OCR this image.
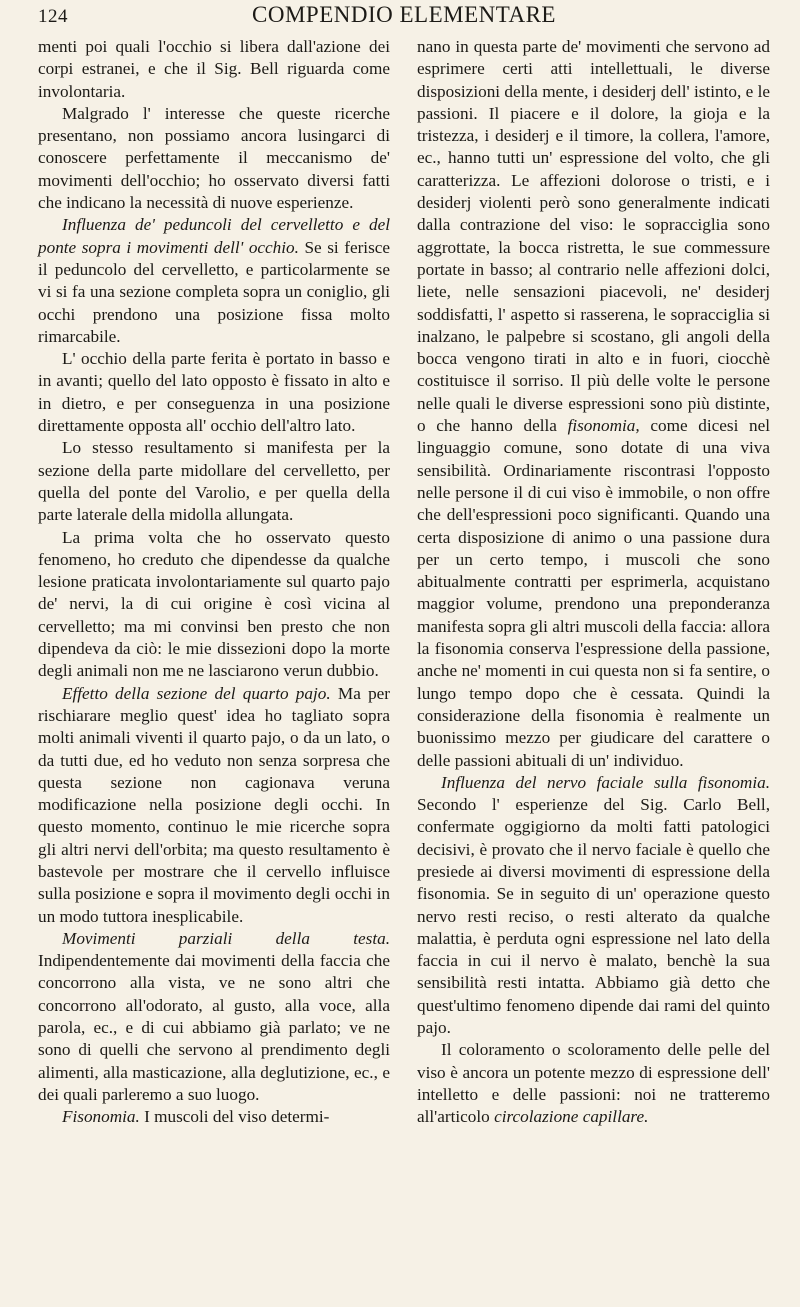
124	COMPENDIO ELEMENTARE

menti poi quali l'occhio si libera dall'azione dei corpi estranei, e che il Sig. Bell riguarda come involontaria.

Malgrado l' interesse che queste ricerche presentano, non possiamo ancora lusingarci di conoscere perfettamente il meccanismo de' movimenti dell'occhio; ho osservato diversi fatti che indicano la necessità di nuove esperienze.

Influenza de' peduncoli del cervelletto e del ponte sopra i movimenti dell' occhio. Se si ferisce il peduncolo del cervelletto, e particolarmente se vi si fa una sezione completa sopra un coniglio, gli occhi prendono una posizione fissa molto rimarcabile.

L' occhio della parte ferita è portato in basso e in avanti; quello del lato opposto è fissato in alto e in dietro, e per conseguenza in una posizione direttamente opposta all' occhio dell'altro lato.

Lo stesso resultamento si manifesta per la sezione della parte midollare del cervelletto, per quella del ponte del Varolio, e per quella della parte laterale della midolla allungata.

La prima volta che ho osservato questo fenomeno, ho creduto che dipendesse da qualche lesione praticata involontariamente sul quarto pajo de' nervi, la di cui origine è così vicina al cervelletto; ma mi convinsi ben presto che non dipendeva da ciò: le mie dissezioni dopo la morte degli animali non me ne lasciarono verun dubbio.

Effetto della sezione del quarto pajo. Ma per rischiarare meglio quest' idea ho tagliato sopra molti animali viventi il quarto pajo, o da un lato, o da tutti due, ed ho veduto non senza sorpresa che questa sezione non cagionava veruna modificazione nella posizione degli occhi. In questo momento, continuo le mie ricerche sopra gli altri nervi dell'orbita; ma questo resultamento è bastevole per mostrare che il cervello influisce sulla posizione e sopra il movimento degli occhi in un modo tuttora inesplicabile.

Movimenti parziali della testa. Indipendentemente dai movimenti della faccia che concorrono alla vista, ve ne sono altri che concorrono all'odorato, al gusto, alla voce, alla parola, ec., e di cui abbiamo già parlato; ve ne sono di quelli che servono al prendimento degli alimenti, alla masticazione, alla deglutizione, ec., e dei quali parleremo a suo luogo.

Fisonomia. I muscoli del viso determi-

nano in questa parte de' movimenti che servono ad esprimere certi atti intellettuali, le diverse disposizioni della mente, i desiderj dell' istinto, e le passioni. Il piacere e il dolore, la gioja e la tristezza, i desiderj e il timore, la collera, l'amore, ec., hanno tutti un' espressione del volto, che gli caratterizza. Le affezioni dolorose o tristi, e i desiderj violenti però sono generalmente indicati dalla contrazione del viso: le sopracciglia sono aggrottate, la bocca ristretta, le sue commessure portate in basso; al contrario nelle affezioni dolci, liete, nelle sensazioni piacevoli, ne' desiderj soddisfatti, l' aspetto si rasserena, le sopracciglia si inalzano, le palpebre si scostano, gli angoli della bocca vengono tirati in alto e in fuori, ciocchè costituisce il sorriso. Il più delle volte le persone nelle quali le diverse espressioni sono più distinte, o che hanno della fisonomia, come dicesi nel linguaggio comune, sono dotate di una viva sensibilità. Ordinariamente riscontrasi l'opposto nelle persone il di cui viso è immobile, o non offre che dell'espressioni poco significanti. Quando una certa disposizione di animo o una passione dura per un certo tempo, i muscoli che sono abitualmente contratti per esprimerla, acquistano maggior volume, prendono una preponderanza manifesta sopra gli altri muscoli della faccia: allora la fisonomia conserva l'espressione della passione, anche ne' momenti in cui questa non si fa sentire, o lungo tempo dopo che è cessata. Quindi la considerazione della fisonomia è realmente un buonissimo mezzo per giudicare del carattere o delle passioni abituali di un' individuo.

Influenza del nervo faciale sulla fisonomia. Secondo l' esperienze del Sig. Carlo Bell, confermate oggigiorno da molti fatti patologici decisivi, è provato che il nervo faciale è quello che presiede ai diversi movimenti di espressione della fisonomia. Se in seguito di un' operazione questo nervo resti reciso, o resti alterato da qualche malattia, è perduta ogni espressione nel lato della faccia in cui il nervo è malato, benchè la sua sensibilità resti intatta. Abbiamo già detto che quest'ultimo fenomeno dipende dai rami del quinto pajo.

Il coloramento o scoloramento delle pelle del viso è ancora un potente mezzo di espressione dell' intelletto e delle passioni: noi ne tratteremo all'articolo circolazione capillare.
